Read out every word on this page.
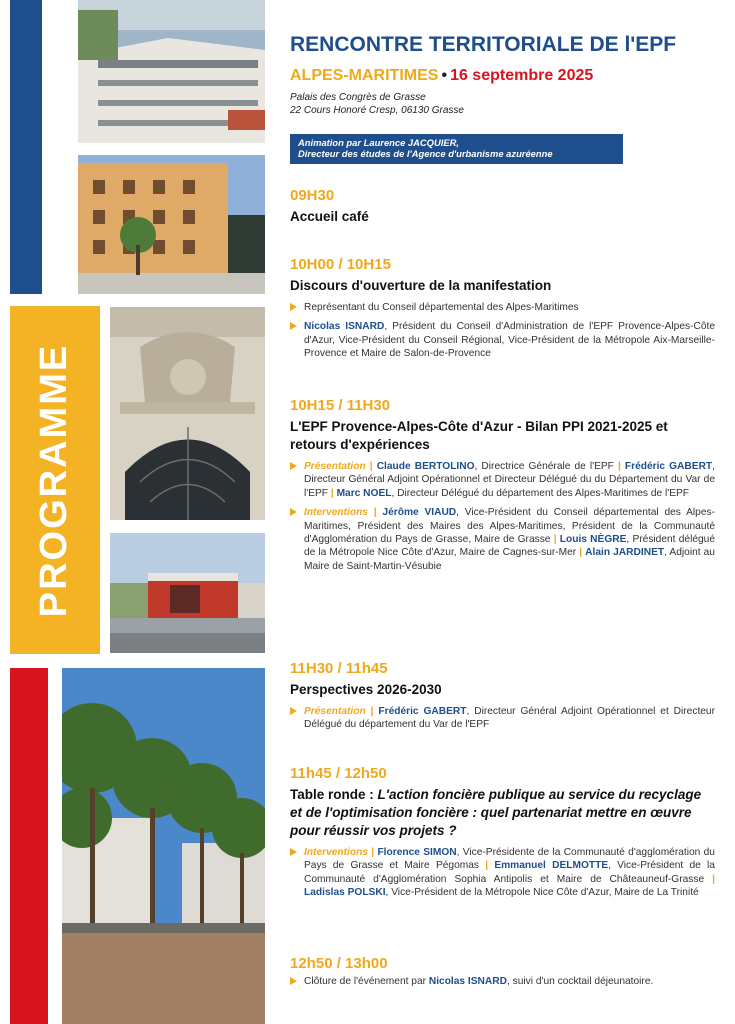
PROGRAMME
RENCONTRE TERRITORIALE DE l'EPF
ALPES-MARITIMES • 16 septembre 2025
Palais des Congrès de Grasse
22 Cours Honoré Cresp, 06130 Grasse
Animation par Laurence JACQUIER,
Directeur des études de l'Agence d'urbanisme azuréenne
09H30
Accueil café
10H00 / 10H15
Discours d'ouverture de la manifestation
Représentant du Conseil départemental des Alpes-Maritimes
Nicolas ISNARD, Président du Conseil d'Administration de l'EPF Provence-Alpes-Côte d'Azur, Vice-Président du Conseil Régional, Vice-Président de la Métropole Aix-Marseille-Provence et Maire de Salon-de-Provence
10H15 / 11H30
L'EPF Provence-Alpes-Côte d'Azur - Bilan PPI 2021-2025 et retours d'expériences
Présentation | Claude BERTOLINO, Directrice Générale de l'EPF | Frédéric GABERT, Directeur Général Adjoint Opérationnel et Directeur Délégué du du Département du Var de l'EPF | Marc NOEL, Directeur Délégué du département des Alpes-Maritimes de l'EPF
Interventions | Jérôme VIAUD, Vice-Président du Conseil départemental des Alpes-Maritimes, Président des Maires des Alpes-Maritimes, Président de la Communauté d'Agglomération du Pays de Grasse, Maire de Grasse | Louis NÈGRE, Président délégué de la Métropole Nice Côte d'Azur, Maire de Cagnes-sur-Mer | Alain JARDINET, Adjoint au Maire de Saint-Martin-Vésubie
11H30 / 11h45
Perspectives 2026-2030
Présentation | Frédéric GABERT, Directeur Général Adjoint Opérationnel et Directeur Délégué du département du Var de l'EPF
11h45 / 12h50
Table ronde : L'action foncière publique au service du recyclage et de l'optimisation foncière : quel partenariat mettre en œuvre pour réussir vos projets ?
Interventions | Florence SIMON, Vice-Présidente de la Communauté d'agglomération du Pays de Grasse et Maire Pégomas | Emmanuel DELMOTTE, Vice-Président de la Communauté d'Agglomération Sophia Antipolis et Maire de Châteauneuf-Grasse | Ladislas POLSKI, Vice-Président de la Métropole Nice Côte d'Azur, Maire de La Trinité
12h50 / 13h00
Clôture de l'événement par Nicolas ISNARD, suivi d'un cocktail déjeunatoire.
